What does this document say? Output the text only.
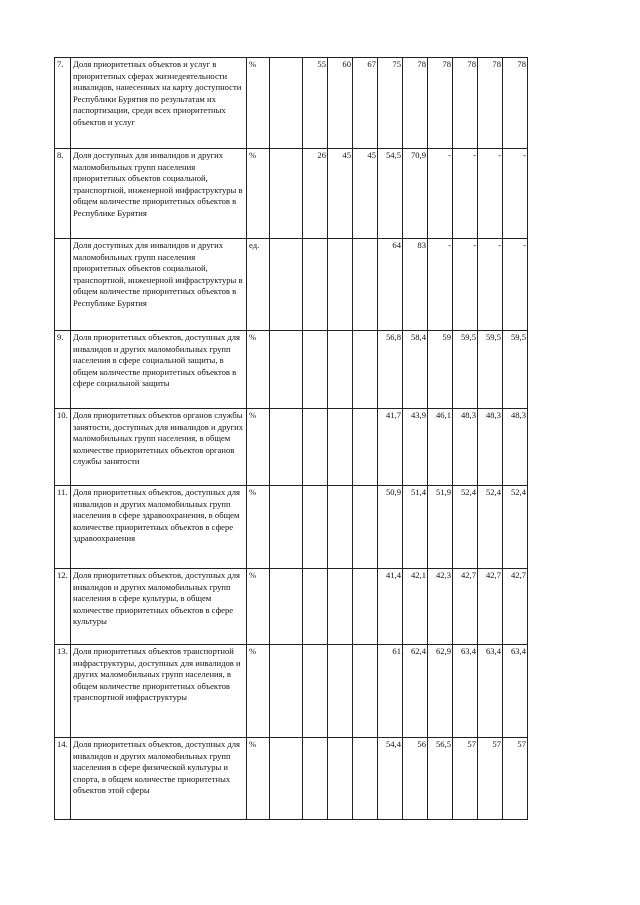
7.	Доля приоритетных объектов и услуг в приоритетных сферах жизнедеятельности инвалидов, нанесенных на карту доступности Республики Бурятия по результатам их паспортизации, среди всех приоритетных объектов и услуг	%		55	60	67	75	78	78	78	78	78
8.	Доля доступных для инвалидов и других маломобильных групп населения приоритетных объектов социальной, транспортной, инженерной инфраструктуры в общем количестве приоритетных объектов в Республике Бурятия	%		26	45	45	54,5	70,9	-	-	-	-
	Доля доступных для инвалидов и других маломобильных групп населения приоритетных объектов социальной, транспортной, инженерной инфраструктуры в общем количестве приоритетных объектов в Республике Бурятия	ед.					64	83	-	-	-	-
9.	Доля приоритетных объектов, доступных для инвалидов и других маломобильных групп населения в сфере социальной защиты, в общем количестве приоритетных объектов в сфере социальной защиты	%					56,8	58,4	59	59,5	59,5	59,5
10.	Доля приоритетных объектов органов службы занятости, доступных для инвалидов и других маломобильных групп населения, в общем количестве приоритетных объектов органов службы занятости	%					41,7	43,9	46,1	48,3	48,3	48,3
11.	Доля приоритетных объектов, доступных для инвалидов и других маломобильных групп населения в сфере здравоохранения, в общем количестве приоритетных объектов в сфере здравоохранения	%					50,9	51,4	51,9	52,4	52,4	52,4
12.	Доля приоритетных объектов, доступных для инвалидов и других маломобильных групп населения в сфере культуры, в общем количестве приоритетных объектов в сфере культуры	%					41,4	42,1	42,3	42,7	42,7	42,7
13.	Доля приоритетных объектов транспортной инфраструктуры, доступных для инвалидов и других маломобильных групп населения, в общем количестве приоритетных объектов транспортной инфраструктуры	%					61	62,4	62,9	63,4	63,4	63,4
14.	Доля приоритетных объектов, доступных для инвалидов и других маломобильных групп населения в сфере физической культуры и спорта, в общем количестве приоритетных объектов этой сферы	%					54,4	56	56,5	57	57	57
